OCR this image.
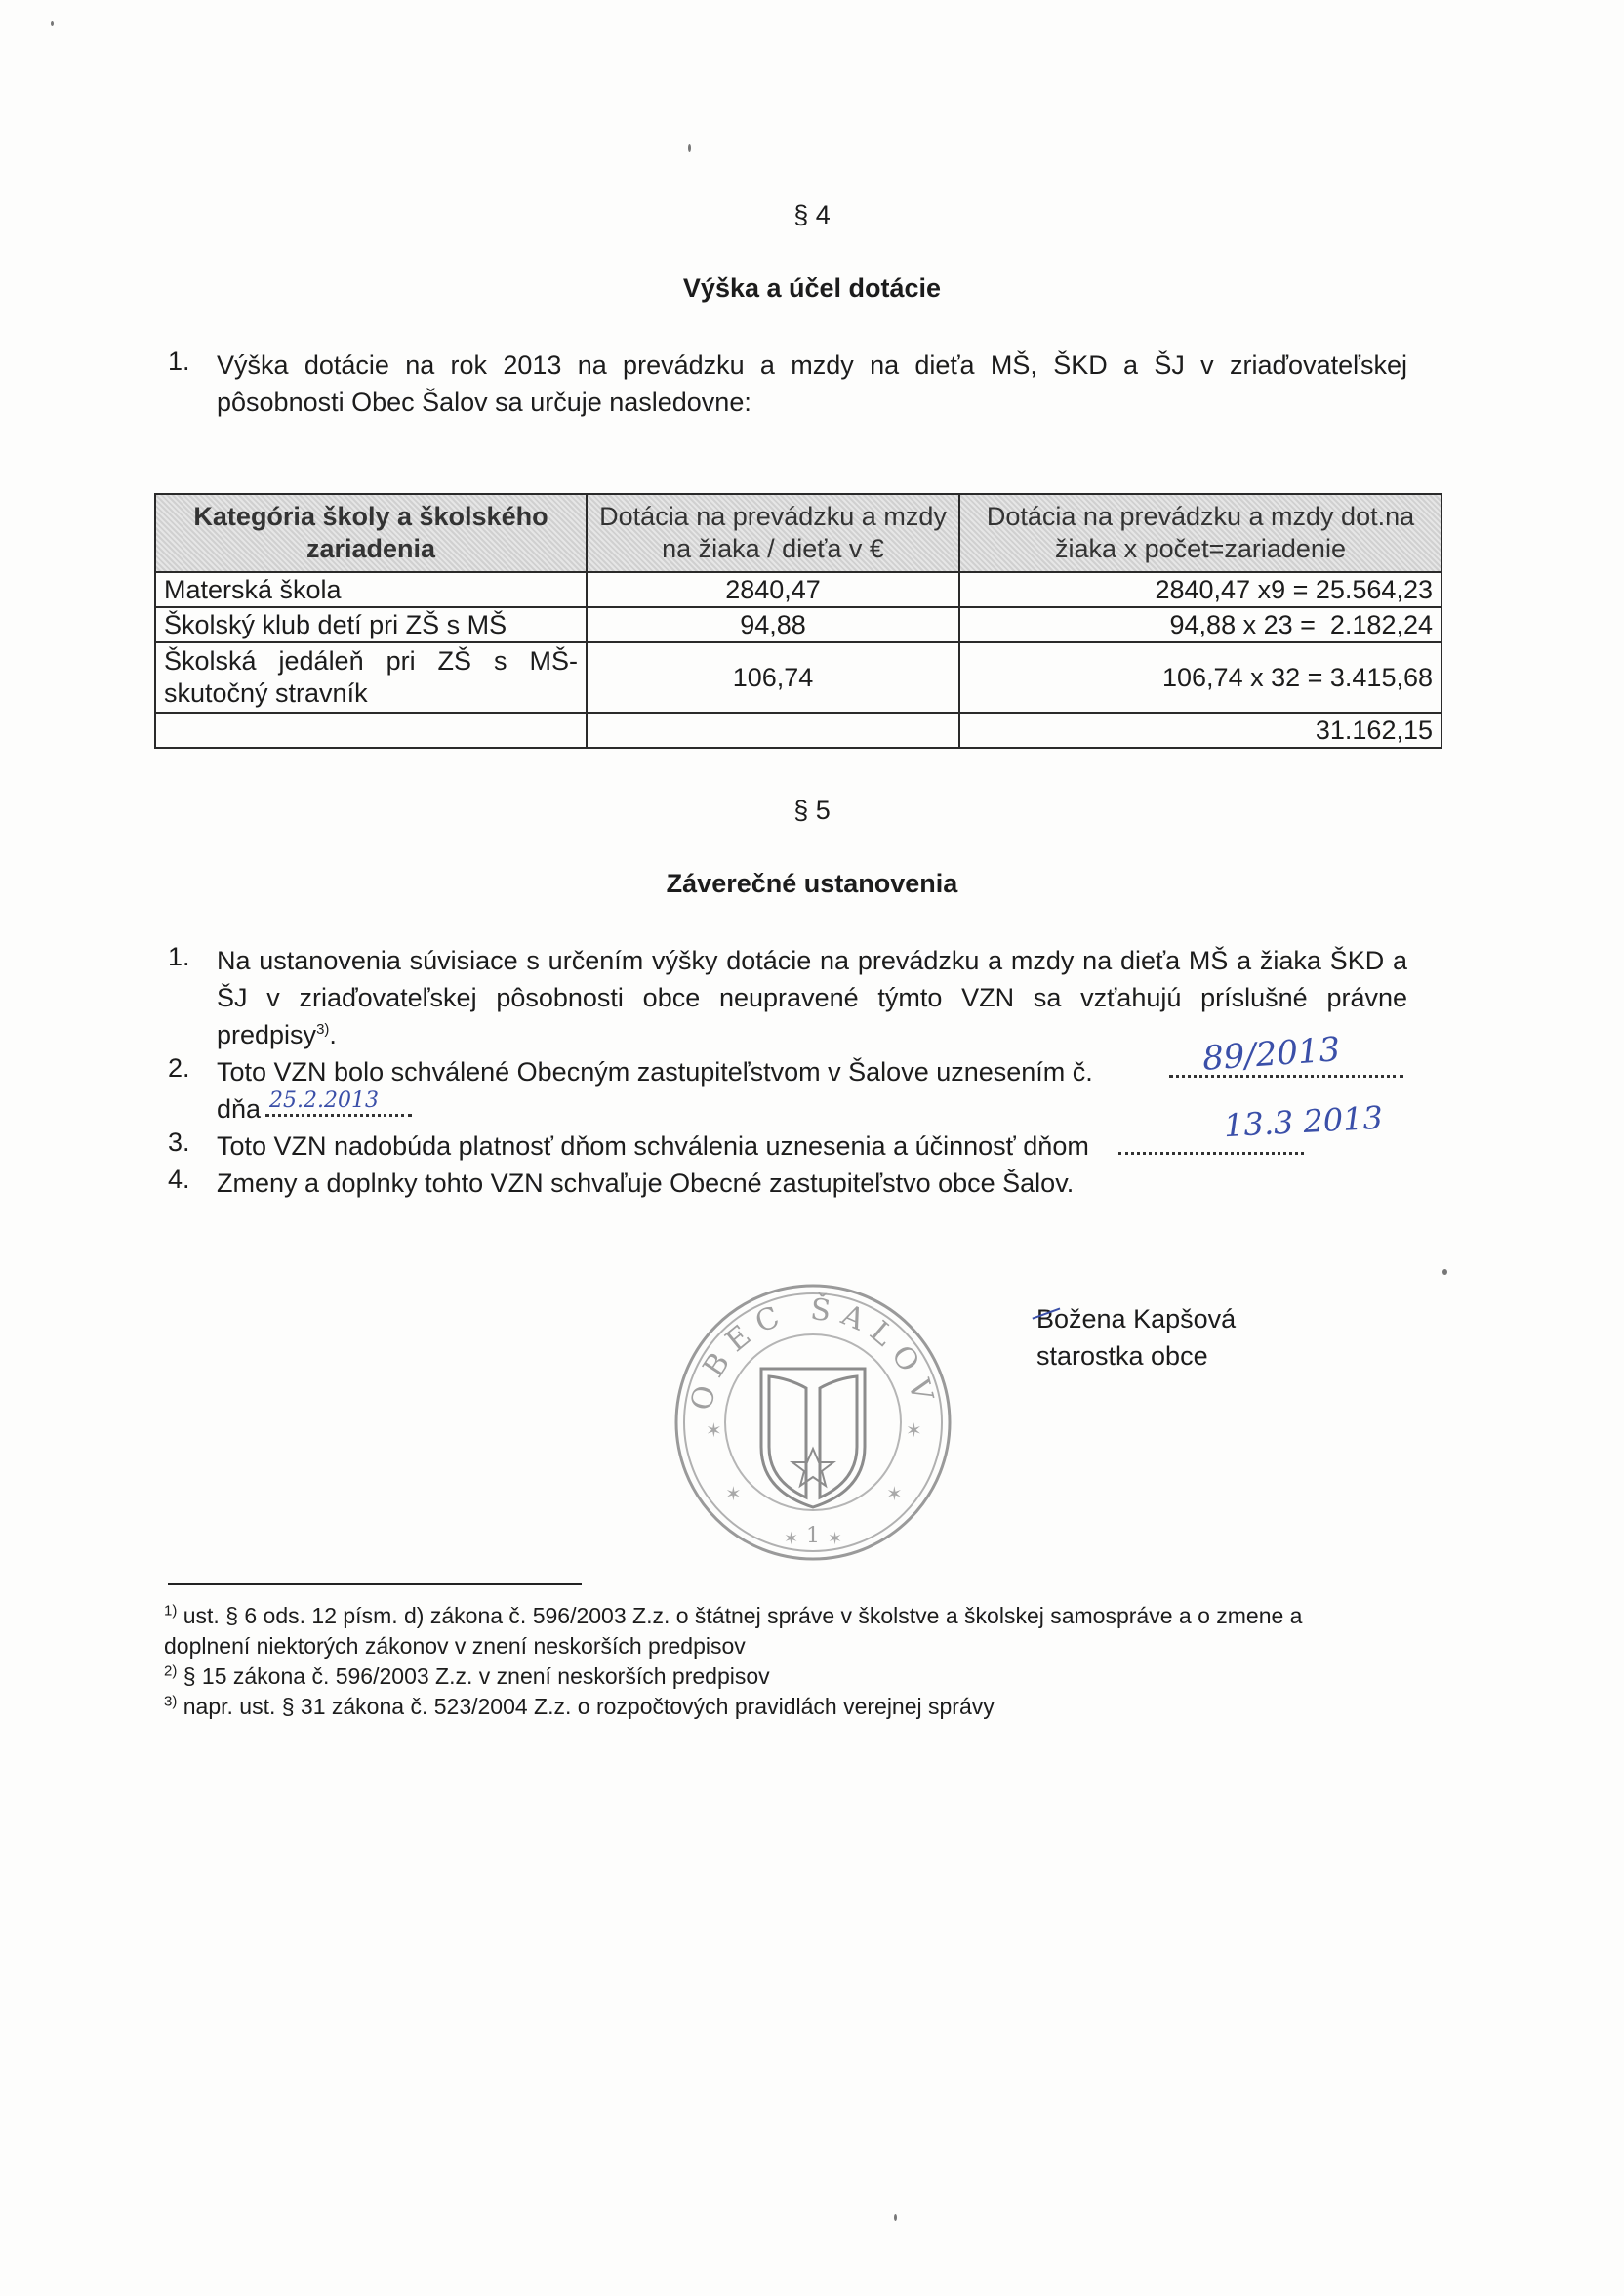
§ 4
Výška a účel dotácie
1. Výška dotácie na rok 2013 na prevádzku a mzdy na dieťa MŠ, ŠKD a ŠJ v zriaďovateľskej
pôsobnosti Obec Šalov sa určuje nasledovne:
Kategória školy a školského zariadenia	Dotácia na prevádzku a mzdy na žiaka / dieťa v €	Dotácia na prevádzku a mzdy dot.na žiaka x počet=zariadenie
Materská škola	2840,47	2840,47 x9 = 25.564,23
Školský klub detí pri ZŠ s MŠ	94,88	94,88 x 23 =  2.182,24
Školská jedáleň pri ZŠ s MŠ-skutočný stravník	106,74	106,74 x 32 = 3.415,68
		31.162,15
§ 5
Záverečné ustanovenia
1. Na ustanovenia súvisiace s určením výšky dotácie na prevádzku a mzdy na dieťa MŠ a žiaka ŠKD a
ŠJ v zriaďovateľskej pôsobnosti obce neupravené týmto VZN sa vzťahujú príslušné právne
predpisy$^{3)}$.
2. Toto VZN bolo schválené Obecným zastupiteľstvom v Šalove uznesením č.	89/2013
dňa 25.2.2013
3. Toto VZN nadobúda platnosť dňom schválenia uznesenia a účinnosť dňom
13.3 2013
4. Zmeny a doplnky tohto VZN schvaľuje Obecné zastupiteľstvo obce Šalov.
OBEC ŠALOV
✶	✶
✶	✶
✶ ✶
1
Božena Kapšová
starostka obce
$^{1)}$ ust. § 6 ods. 12 písm. d) zákona č. 596/2003 Z.z. o štátnej správe v školstve a školskej samospráve a o zmene a
doplnení niektorých zákonov v znení neskorších predpisov
$^{2)}$ § 15 zákona č. 596/2003 Z.z. v znení neskorších predpisov
$^{3)}$ napr. ust. § 31 zákona č. 523/2004 Z.z. o rozpočtových pravidlách verejnej správy
